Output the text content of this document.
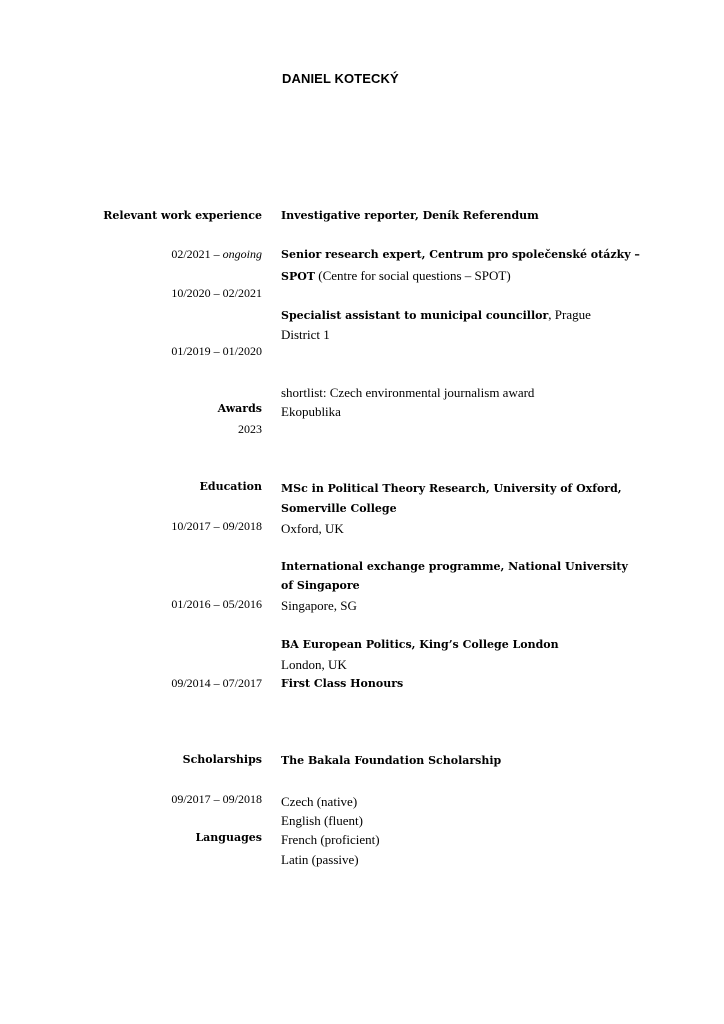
DANIEL KOTECKÝ
Relevant work experience Investigative reporter, Deník Referendum
02/2021 – ongoing Senior research expert, Centrum pro společenské otázky –
SPOT (Centre for social questions – SPOT)
10/2020 – 02/2021
Specialist assistant to municipal councillor, Prague
District 1
01/2019 – 01/2020
shortlist: Czech environmental journalism award
Awards Ekopublika
2023
Education MSc in Political Theory Research, University of Oxford,
Somerville College
10/2017 – 09/2018 Oxford, UK
International exchange programme, National University
of Singapore
01/2016 – 05/2016 Singapore, SG
BA European Politics, King’s College London
London, UK
09/2014 – 07/2017 First Class Honours
Scholarships The Bakala Foundation Scholarship
09/2017 – 09/2018 Czech (native)
English (fluent)
Languages French (proficient)
Latin (passive)
